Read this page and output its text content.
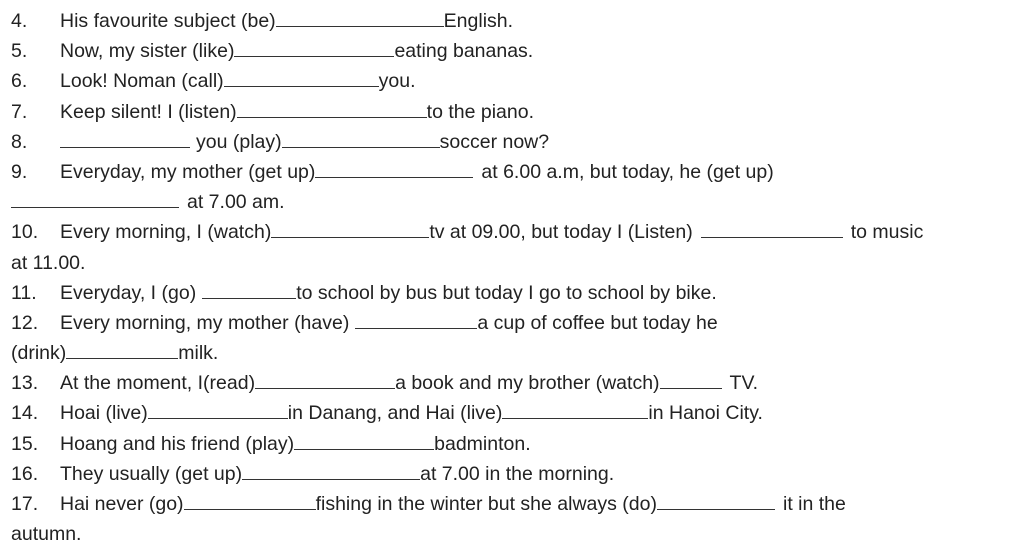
4.	His favourite subject (be)	English.
5.	Now, my sister (like)	eating bananas.
6.	Look! Noman (call)	you.
7.	Keep silent! I (listen)	to the piano.
8.	you (play)	soccer now?
9.	Everyday, my mother (get up)	at 6.00 a.m, but today, he (get up)
at 7.00 am.
10.	Every morning, I (watch)	tv at 09.00, but today I (Listen)	to music
at 11.00.
11.	Everyday, I (go)	to school by bus but today I go to school by bike.
12.	Every morning, my mother (have)	a cup of coffee but today he
(drink)	milk.
13.	At the moment, I(read)	a book and my brother (watch)	TV.
14.	Hoai (live)	in Danang, and Hai (live)	in Hanoi City.
15.	Hoang and his friend (play)	badminton.
16.	They usually (get up)	at 7.00 in the morning.
17.	Hai never (go)	fishing in the winter but she always (do)	it in the
autumn.
